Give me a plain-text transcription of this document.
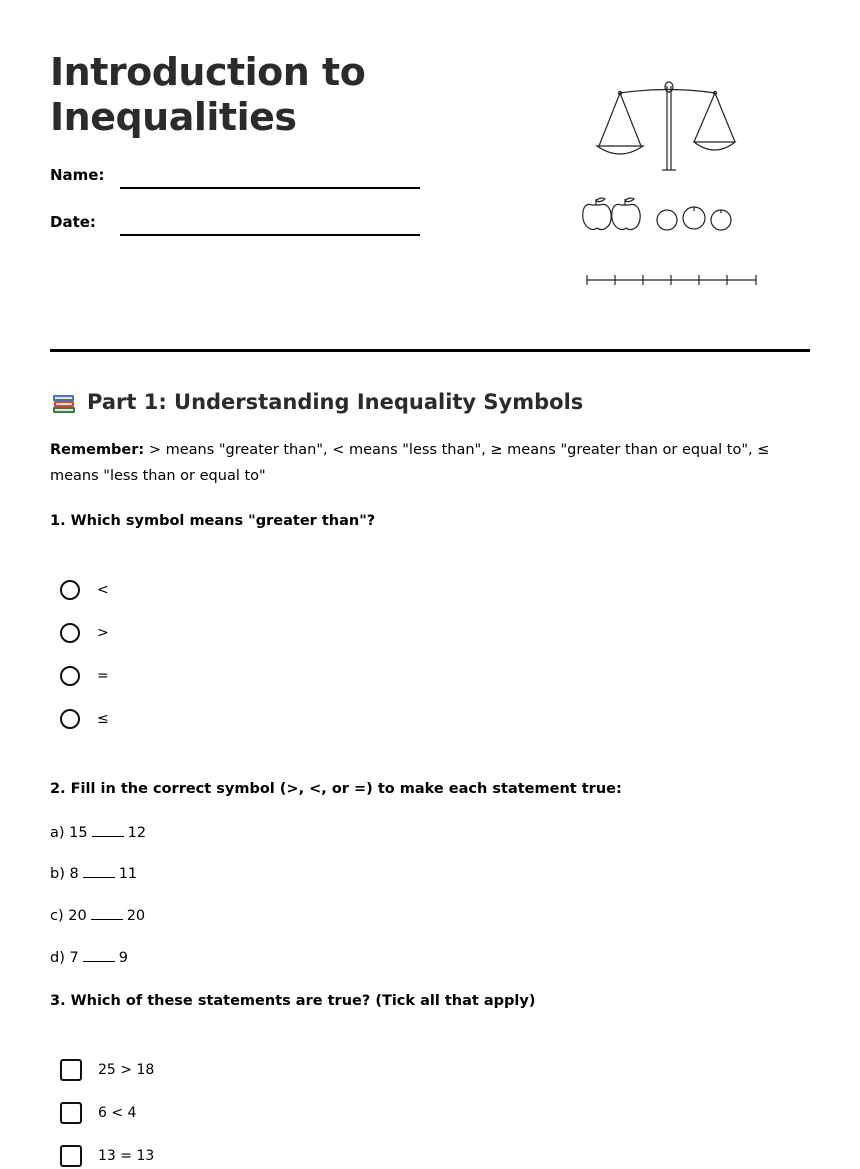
Introduction to Inequalities
Name:
Date:
Part 1: Understanding Inequality Symbols

Remember: > means "greater than", < means "less than", ≥ means "greater than or equal to", ≤ means "less than or equal to"

1. Which symbol means "greater than"?

<
>
=
≤

2. Fill in the correct symbol (>, <, or =) to make each statement true:

a) 15	12
b) 8	11
c) 20	20
d) 7	9

3. Which of these statements are true? (Tick all that apply)

25 > 18
6 < 4
13 = 13
